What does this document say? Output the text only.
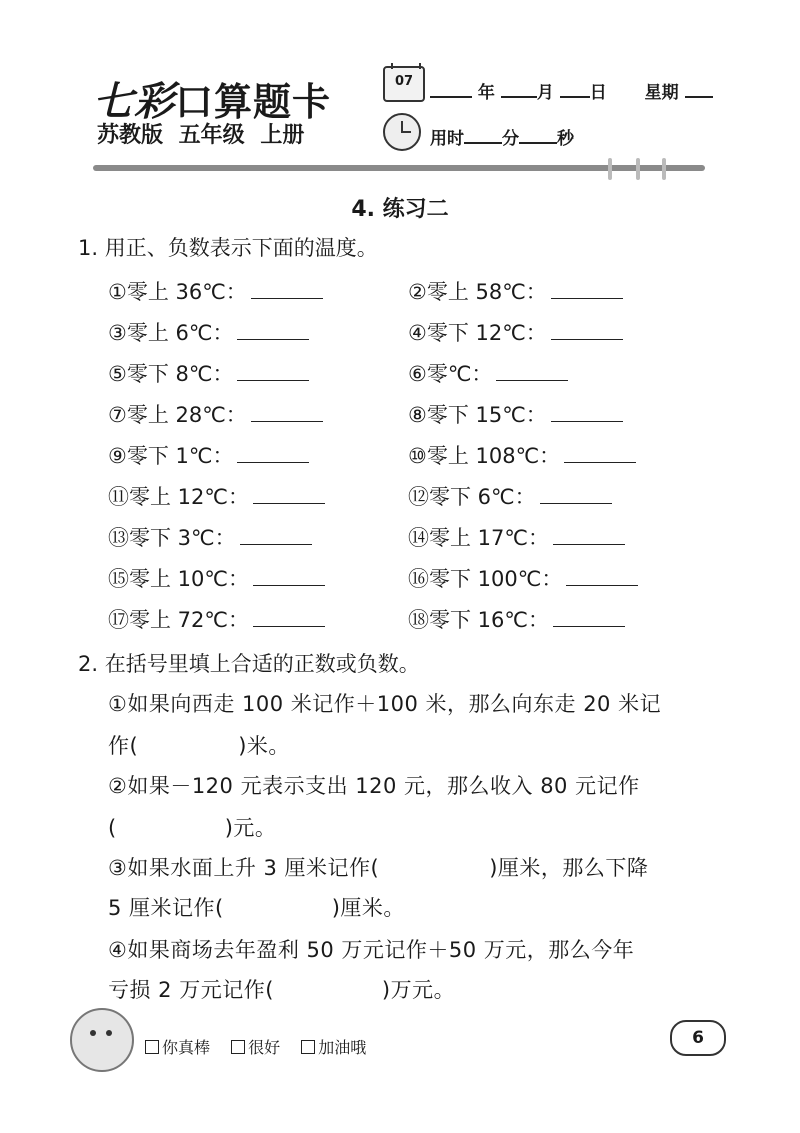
七彩口算题卡
苏教版 五年级 上册
07
年 月 日 星期
用时 分 秒
4. 练习二
1. 用正、负数表示下面的温度。
①零上 36℃：	②零上 58℃：
③零上 6℃：	④零下 12℃：
⑤零下 8℃：	⑥零℃：
⑦零上 28℃：	⑧零下 15℃：
⑨零下 1℃：	⑩零上 108℃：
⑪零上 12℃：	⑫零下 6℃：
⑬零下 3℃：	⑭零上 17℃：
⑮零上 10℃：	⑯零下 100℃：
⑰零上 72℃：	⑱零下 16℃：
2. 在括号里填上合适的正数或负数。
①如果向西走 100 米记作＋100 米，那么向东走 20 米记
作(	)米。
②如果－120 元表示支出 120 元，那么收入 80 元记作
(	)元。
③如果水面上升 3 厘米记作(	)厘米，那么下降
5 厘米记作(	)厘米。
④如果商场去年盈利 50 万元记作＋50 万元，那么今年
亏损 2 万元记作(	)万元。
你真棒 很好 加油哦	6
